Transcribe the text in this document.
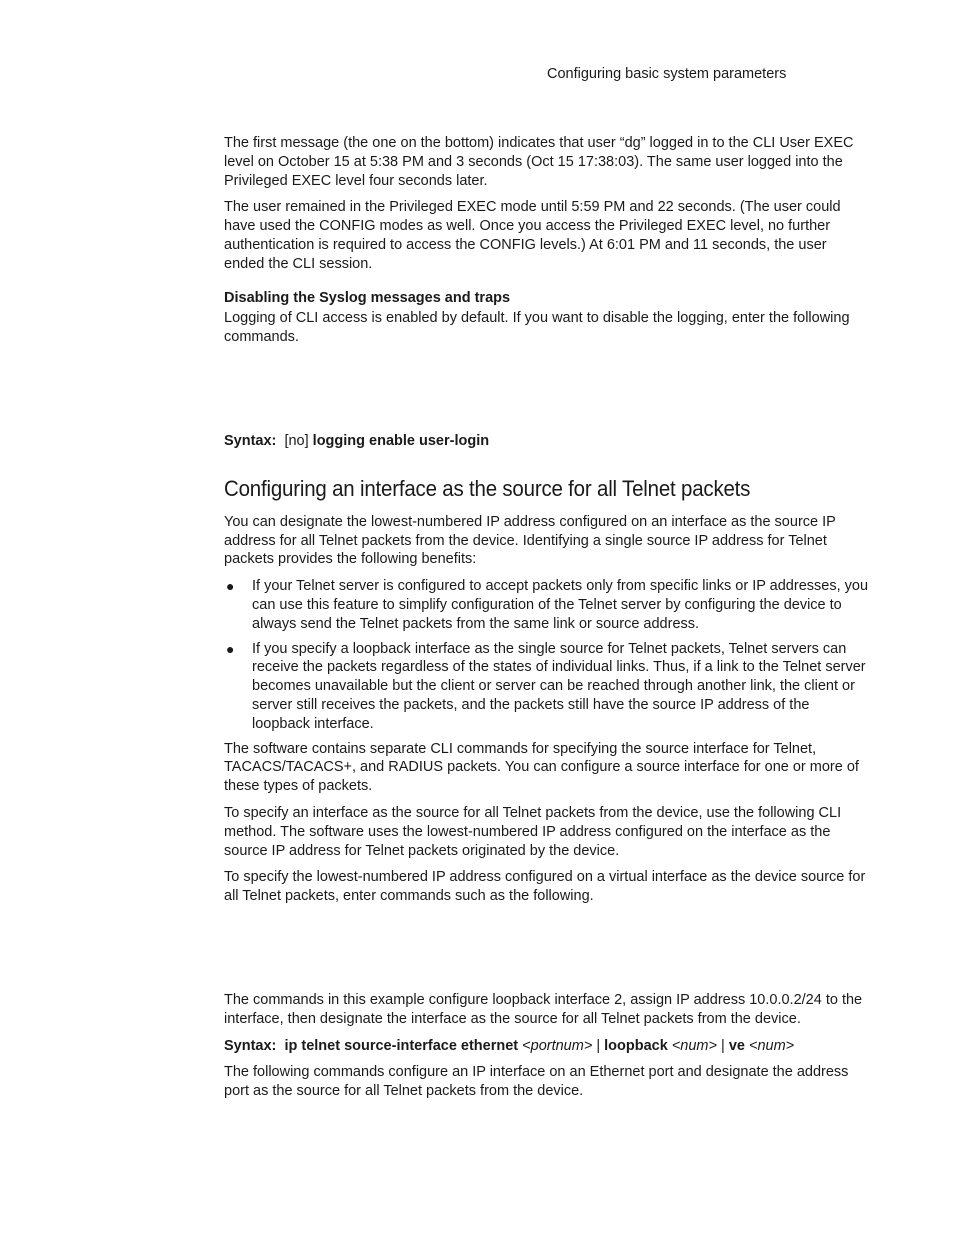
Configuring basic system parameters

The first message (the one on the bottom) indicates that user “dg” logged in to the CLI User EXEC level on October 15 at 5:38 PM and 3 seconds (Oct 15 17:38:03). The same user logged into the Privileged EXEC level four seconds later.

The user remained in the Privileged EXEC mode until 5:59 PM and 22 seconds. (The user could have used the CONFIG modes as well. Once you access the Privileged EXEC level, no further authentication is required to access the CONFIG levels.) At 6:01 PM and 11 seconds, the user ended the CLI session.

Disabling the Syslog messages and traps

Logging of CLI access is enabled by default. If you want to disable the logging, enter the following commands.

Syntax: [no] logging enable user-login

Configuring an interface as the source for all Telnet packets

You can designate the lowest-numbered IP address configured on an interface as the source IP address for all Telnet packets from the device. Identifying a single source IP address for Telnet packets provides the following benefits:

● If your Telnet server is configured to accept packets only from specific links or IP addresses, you can use this feature to simplify configuration of the Telnet server by configuring the device to always send the Telnet packets from the same link or source address.
● If you specify a loopback interface as the single source for Telnet packets, Telnet servers can receive the packets regardless of the states of individual links. Thus, if a link to the Telnet server becomes unavailable but the client or server can be reached through another link, the client or server still receives the packets, and the packets still have the source IP address of the loopback interface.

The software contains separate CLI commands for specifying the source interface for Telnet, TACACS/TACACS+, and RADIUS packets. You can configure a source interface for one or more of these types of packets.

To specify an interface as the source for all Telnet packets from the device, use the following CLI method. The software uses the lowest-numbered IP address configured on the interface as the source IP address for Telnet packets originated by the device.

To specify the lowest-numbered IP address configured on a virtual interface as the device source for all Telnet packets, enter commands such as the following.

The commands in this example configure loopback interface 2, assign IP address 10.0.0.2/24 to the interface, then designate the interface as the source for all Telnet packets from the device.

Syntax: ip telnet source-interface ethernet <portnum> | loopback <num> | ve <num>

The following commands configure an IP interface on an Ethernet port and designate the address port as the source for all Telnet packets from the device.
